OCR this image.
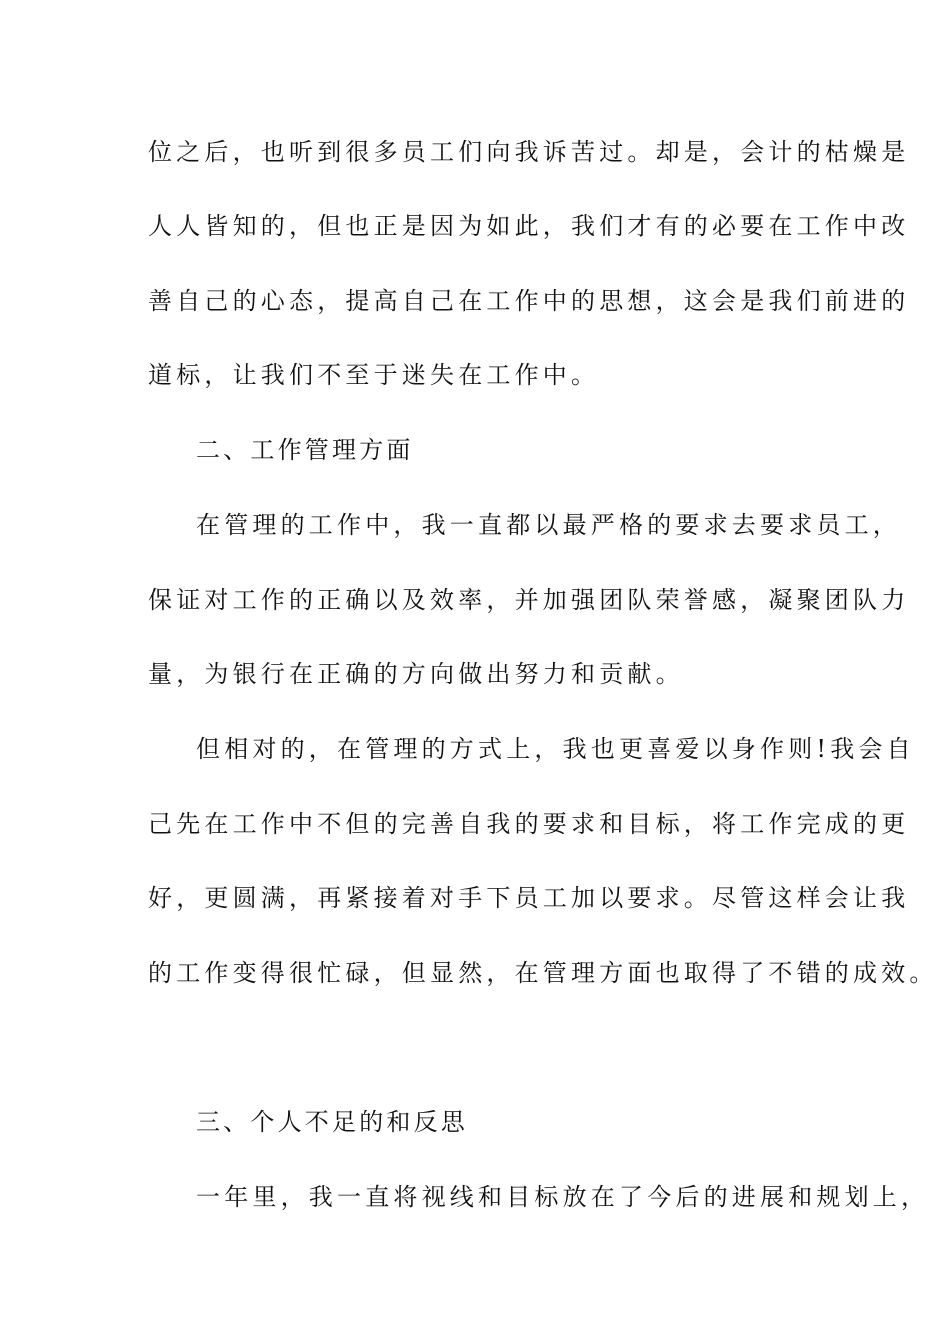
位之后，也听到很多员工们向我诉苦过。却是，会计的枯燥是
人人皆知的，但也正是因为如此，我们才有的必要在工作中改
善自己的心态，提高自己在工作中的思想，这会是我们前进的
道标，让我们不至于迷失在工作中。
二、工作管理方面
在管理的工作中，我一直都以最严格的要求去要求员工，
保证对工作的正确以及效率，并加强团队荣誉感，凝聚团队力
量，为银行在正确的方向做出努力和贡献。
但相对的，在管理的方式上，我也更喜爱以身作则!我会自
己先在工作中不但的完善自我的要求和目标，将工作完成的更
好，更圆满，再紧接着对手下员工加以要求。尽管这样会让我
的工作变得很忙碌，但显然，在管理方面也取得了不错的成效。
三、个人不足的和反思
一年里，我一直将视线和目标放在了今后的进展和规划上，
